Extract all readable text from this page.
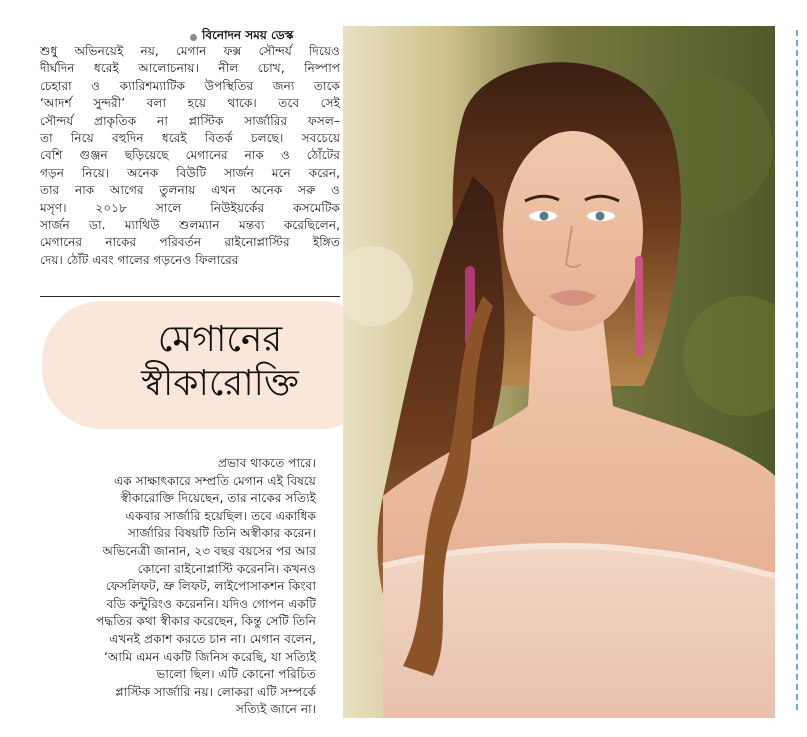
বিনোদন সময় ডেস্ক
শুধু অভিনয়েই নয়, মেগান ফক্স সৌন্দর্য দিয়েও
দীর্ঘদিন ধরেই আলোচনায়। নীল চোখ, নিষ্পাপ
চেহারা ও ক্যারিশম্যাটিক উপস্থিতির জন্য তাকে
‘আদর্শ সুন্দরী’ বলা হয়ে থাকে। তবে সেই
সৌন্দর্য প্রাকৃতিক না প্লাস্টিক সার্জারির ফসল–
তা নিয়ে বহুদিন ধরেই বিতর্ক চলছে। সবচেয়ে
বেশি গুঞ্জন ছড়িয়েছে মেগানের নাক ও ঠোঁটের
গড়ন নিয়ে। অনেক বিউটি সার্জন মনে করেন,
তার নাক আগের তুলনায় এখন অনেক সরু ও
মসৃণ। ২০১৮ সালে নিউইয়র্কের কসমেটিক
সার্জন ডা. ম্যাথিউ শুলম্যান মন্তব্য করেছিলেন,
মেগানের নাকের পরিবর্তন রাইনোপ্লাস্টির ইঙ্গিত
দেয়। ঠোঁট এবং গালের গড়নেও ফিলারের
মেগানের
স্বীকারোক্তি
প্রভাব থাকতে পারে।
এক সাক্ষাৎকারে সম্প্রতি মেগান এই বিষয়ে
স্বীকারোক্তি দিয়েছেন, তার নাকের সত্যিই
একবার সার্জারি হয়েছিল। তবে একাধিক
সার্জারির বিষয়টি তিনি অস্বীকার করেন।
অভিনেত্রী জানান, ২৩ বছর বয়সের পর আর
কোনো রাইনোপ্লাস্টি করেননি। কখনও
ফেসলিফট, ভ্রু লিফট, লাইপোসাকশন কিংবা
বডি কন্টুরিংও করেননি। যদিও গোপন একটি
পদ্ধতির কথা স্বীকার করেছেন, কিন্তু সেটি তিনি
এখনই প্রকাশ করতে চান না। মেগান বলেন,
‘আমি এমন একটি জিনিস করেছি, যা সত্যিই
ভালো ছিল। এটি কোনো পরিচিত
প্লাস্টিক সার্জারি নয়। লোকরা এটি সম্পর্কে
সত্যিই জানে না।
